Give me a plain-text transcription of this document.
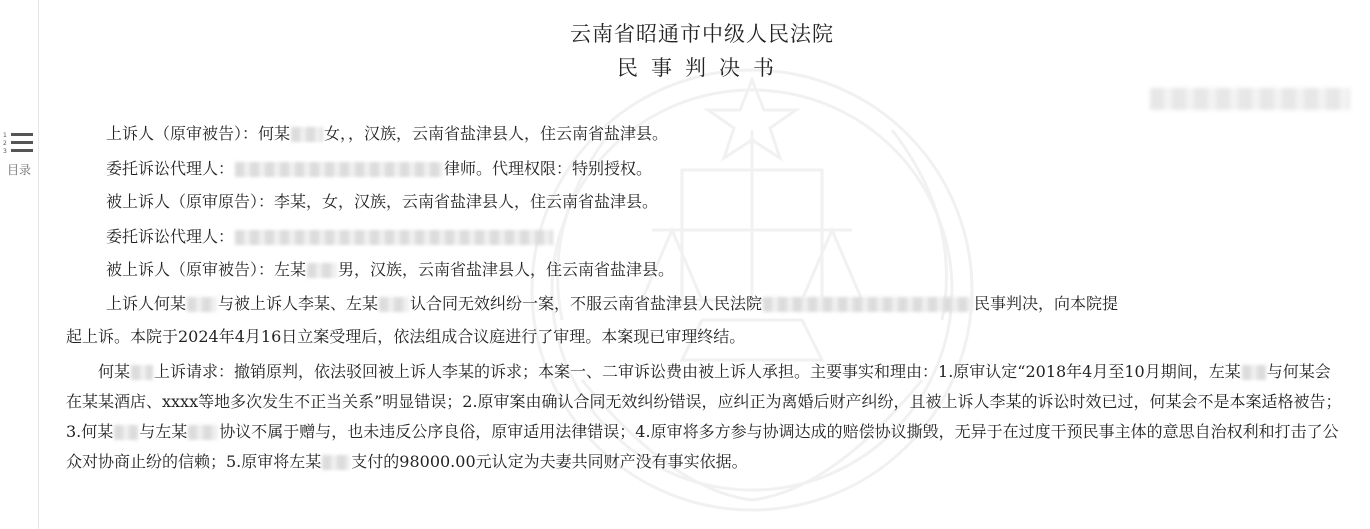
1
2
3
目录
云南省昭通市中级人民法院
民事判决书
上诉人（原审被告）：何某 女，，汉族，云南省盐津县人，住云南省盐津县。
委托诉讼代理人：	律师。代理权限：特别授权。
被上诉人（原审原告）：李某，女，汉族，云南省盐津县人，住云南省盐津县。
委托诉讼代理人：
被上诉人（原审被告）：左某 男，汉族，云南省盐津县人，住云南省盐津县。
上诉人何某 与被上诉人李某、左某 认合同无效纠纷一案，不服云南省盐津县人民法院	民事判决，向本院提
起上诉。本院于2024年4月16日立案受理后，依法组成合议庭进行了审理。本案现已审理终结。
何某 上诉请求：撤销原判，依法驳回被上诉人李某的诉求；本案一、二审诉讼费由被上诉人承担。主要事实和理由：1.原审认定“2018年4月至10月期间，左某 与何某会在某某酒店、xxxx等地多次发生不正当关系”明显错误；2.原审案由确认合同无效纠纷错误，应纠正为离婚后财产纠纷，且被上诉人李某的诉讼时效已过，何某会不是本案适格被告；3.何某 与左某 协议不属于赠与，也未违反公序良俗，原审适用法律错误；4.原审将多方参与协调达成的赔偿协议撕毁，无异于在过度干预民事主体的意思自治权利和打击了公众对协商止纷的信赖；5.原审将左某 支付的98000.00元认定为夫妻共同财产没有事实依据。
